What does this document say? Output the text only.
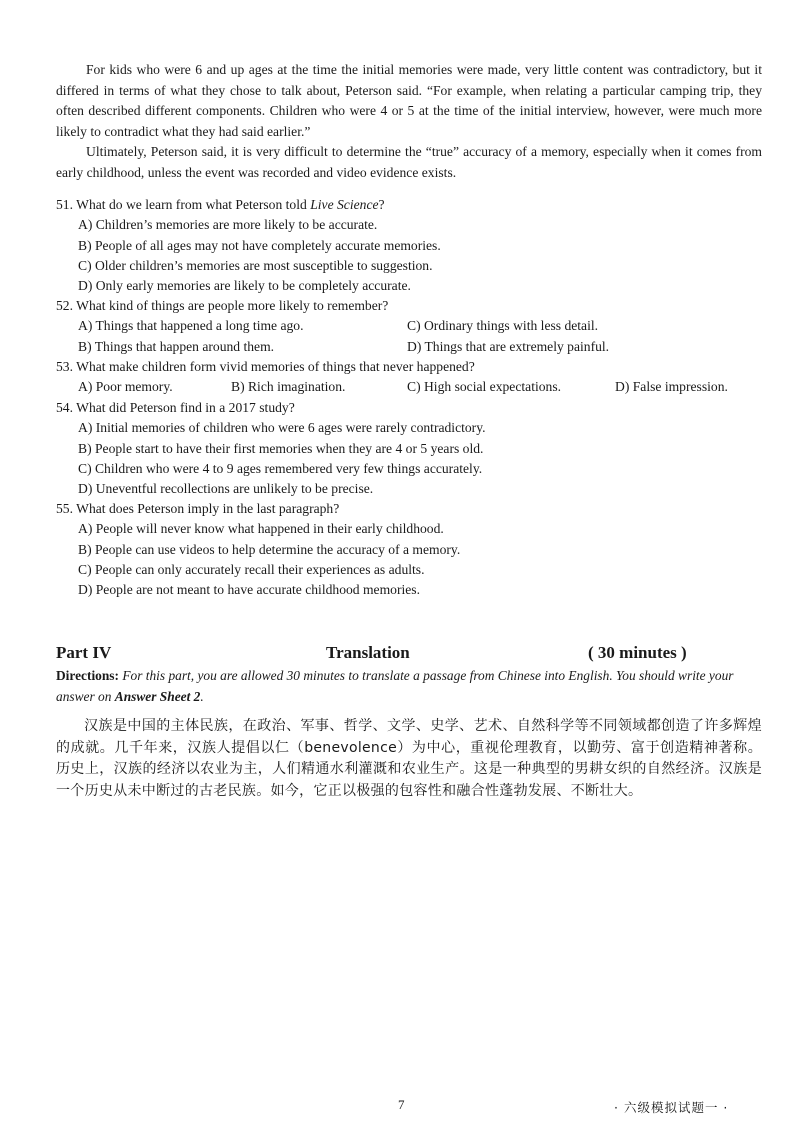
For kids who were 6 and up ages at the time the initial memories were made, very little content was contradictory, but it differed in terms of what they chose to talk about, Peterson said. “For example, when relating a particular camping trip, they often described different components. Children who were 4 or 5 at the time of the initial interview, however, were much more likely to contradict what they had said earlier.”

Ultimately, Peterson said, it is very difficult to determine the “true” accuracy of a memory, especially when it comes from early childhood, unless the event was recorded and video evidence exists.

51. What do we learn from what Peterson told Live Science?
A) Children’s memories are more likely to be accurate.
B) People of all ages may not have completely accurate memories.
C) Older children’s memories are most susceptible to suggestion.
D) Only early memories are likely to be completely accurate.
52. What kind of things are people more likely to remember?
A) Things that happened a long time ago.	C) Ordinary things with less detail.
B) Things that happen around them.	D) Things that are extremely painful.
53. What make children form vivid memories of things that never happened?
A) Poor memory.	B) Rich imagination.	C) High social expectations.	D) False impression.
54. What did Peterson find in a 2017 study?
A) Initial memories of children who were 6 ages were rarely contradictory.
B) People start to have their first memories when they are 4 or 5 years old.
C) Children who were 4 to 9 ages remembered very few things accurately.
D) Uneventful recollections are unlikely to be precise.
55. What does Peterson imply in the last paragraph?
A) People will never know what happened in their early childhood.
B) People can use videos to help determine the accuracy of a memory.
C) People can only accurately recall their experiences as adults.
D) People are not meant to have accurate childhood memories.
Part IV	Translation	( 30 minutes )

Directions: For this part, you are allowed 30 minutes to translate a passage from Chinese into English. You should write your answer on Answer Sheet 2.

汉族是中国的主体民族，在政治、军事、哲学、文学、史学、艺术、自然科学等不同领域都创造了许多辉煌的成就。几千年来，汉族人提倡以仁（benevolence）为中心，重视伦理教育，以勤劳、富于创造精神著称。历史上，汉族的经济以农业为主，人们精通水利灌溉和农业生产。这是一种典型的男耕女织的自然经济。汉族是一个历史从未中断过的古老民族。如今，它正以极强的包容性和融合性蓬勃发展、不断壮大。

7	· 六级模拟试题一 ·
